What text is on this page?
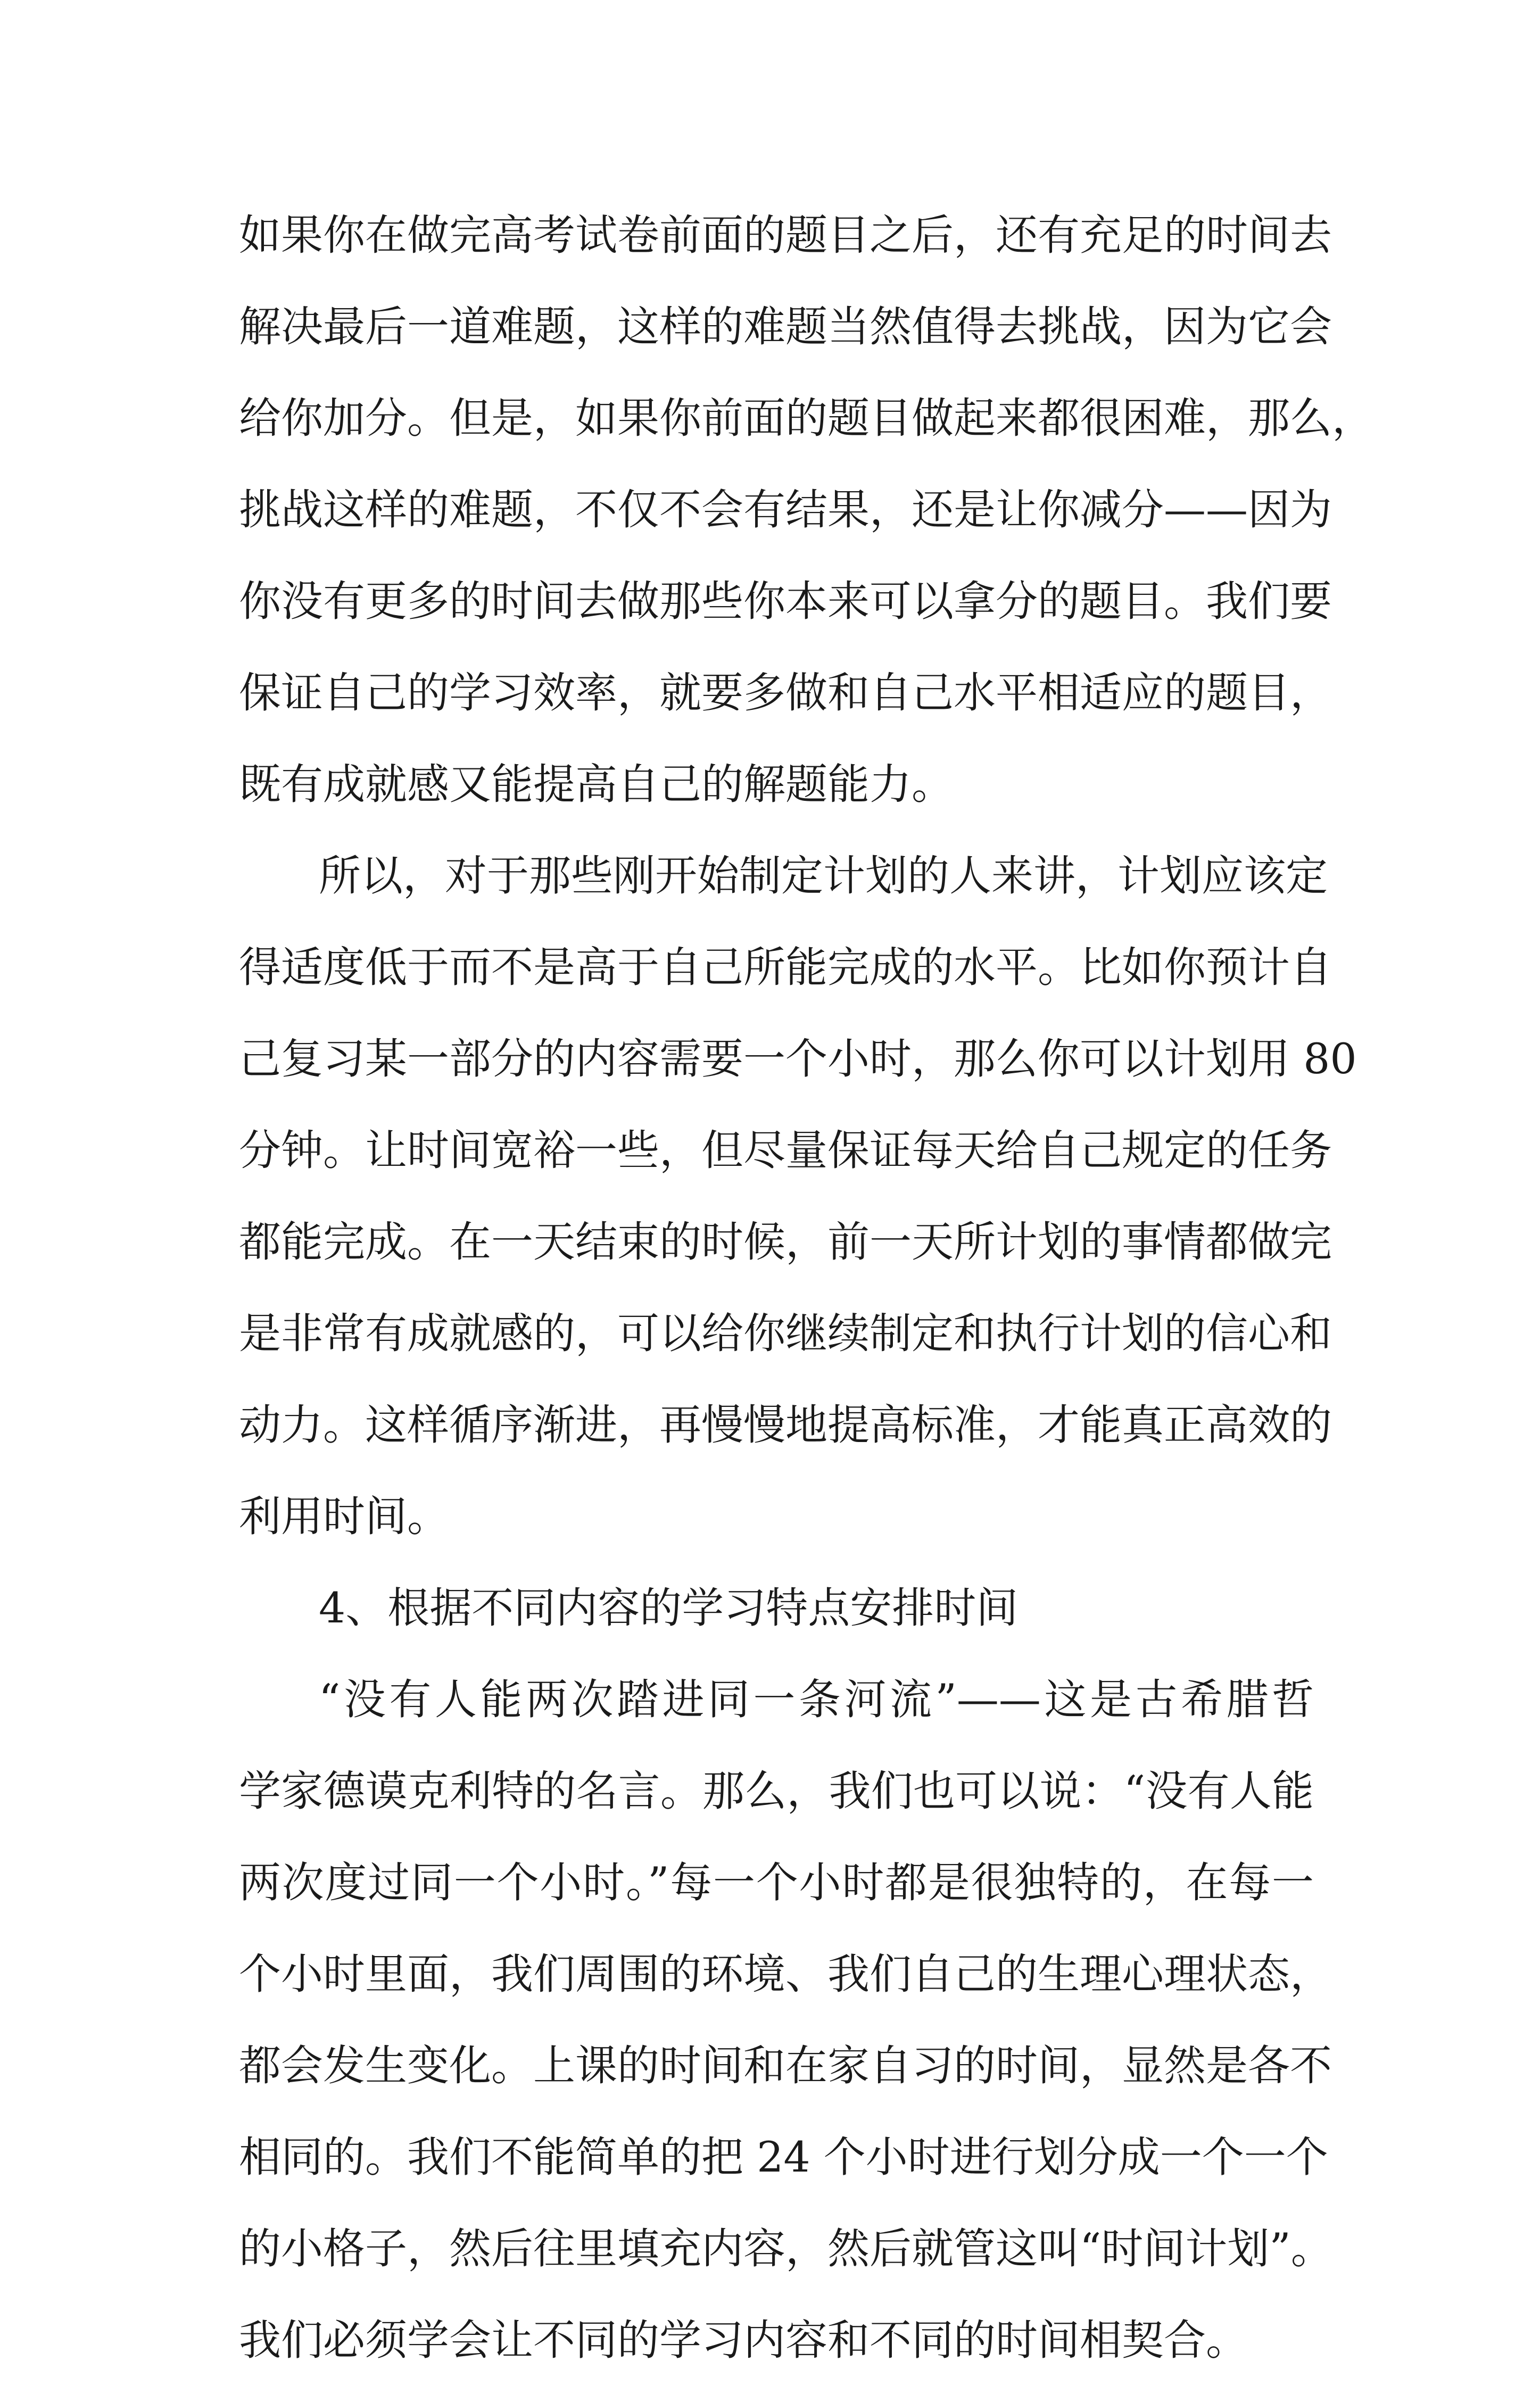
如果你在做完高考试卷前面的题目之后，还有充足的时间去
解决最后一道难题，这样的难题当然值得去挑战，因为它会
给你加分。但是，如果你前面的题目做起来都很困难，那么，
挑战这样的难题，不仅不会有结果，还是让你减分——因为
你没有更多的时间去做那些你本来可以拿分的题目。我们要
保证自己的学习效率，就要多做和自己水平相适应的题目，
既有成就感又能提高自己的解题能力。
所以，对于那些刚开始制定计划的人来讲，计划应该定
得适度低于而不是高于自己所能完成的水平。比如你预计自
己复习某一部分的内容需要一个小时，那么你可以计划用 80
分钟。让时间宽裕一些，但尽量保证每天给自己规定的任务
都能完成。在一天结束的时候，前一天所计划的事情都做完
是非常有成就感的，可以给你继续制定和执行计划的信心和
动力。这样循序渐进，再慢慢地提高标准，才能真正高效的
利用时间。
4、根据不同内容的学习特点安排时间
“没有人能两次踏进同一条河流”——这是古希腊哲
学家德谟克利特的名言。那么，我们也可以说：“没有人能
两次度过同一个小时。”每一个小时都是很独特的，在每一
个小时里面，我们周围的环境、我们自己的生理心理状态，
都会发生变化。上课的时间和在家自习的时间，显然是各不
相同的。我们不能简单的把 24 个小时进行划分成一个一个
的小格子，然后往里填充内容，然后就管这叫“时间计划”。
我们必须学会让不同的学习内容和不同的时间相契合。
